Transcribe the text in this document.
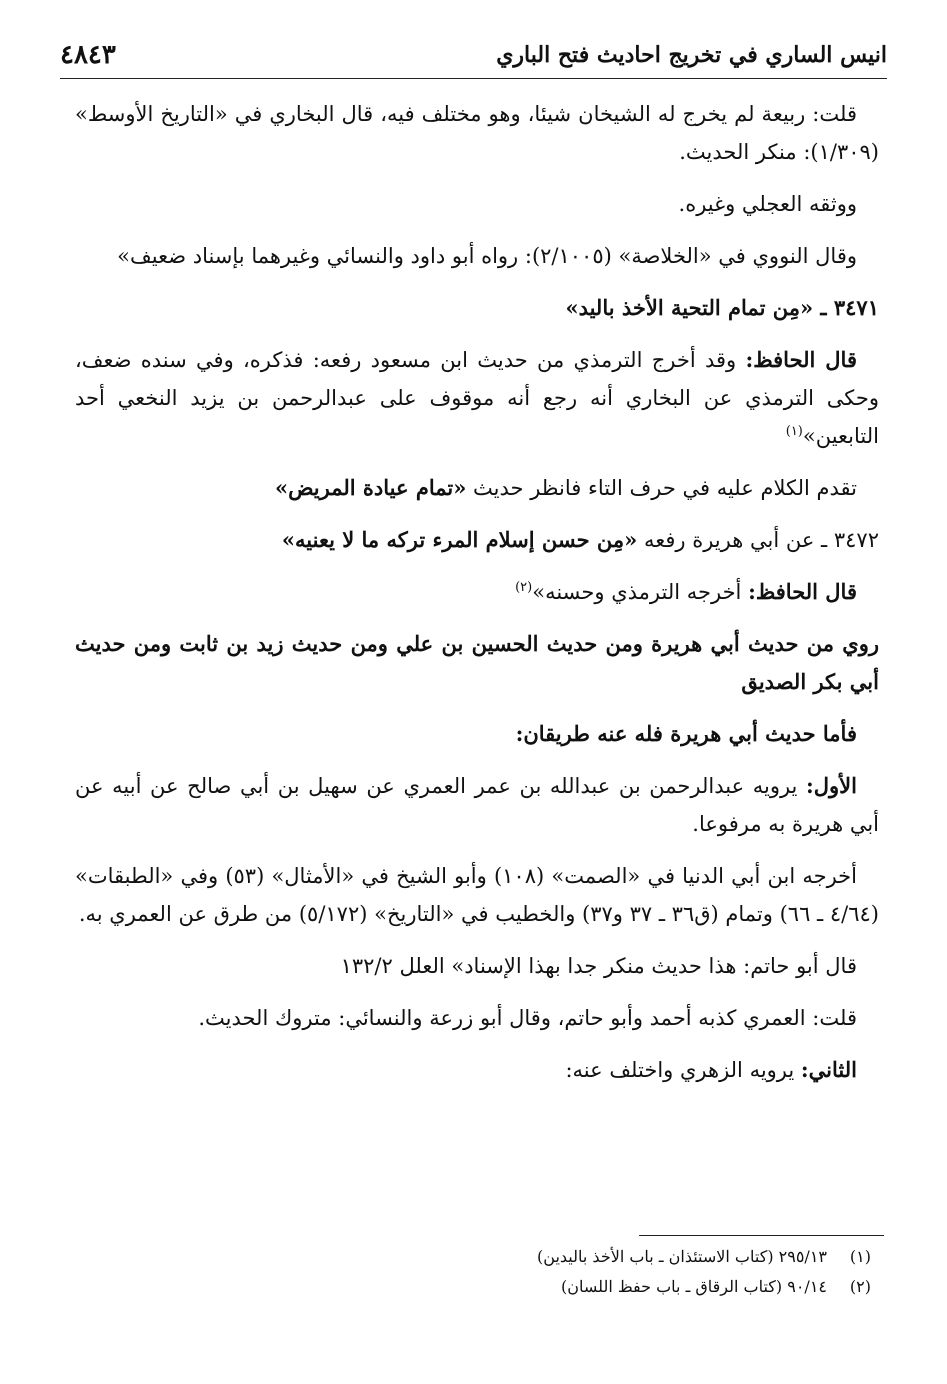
انيس الساري في تخريج احاديث فتح الباري
٤٨٤٣

قلت: ربيعة لم يخرج له الشيخان شيئا، وهو مختلف فيه، قال البخاري في «التاريخ الأوسط» (١/٣٠٩): منكر الحديث.

ووثقه العجلي وغيره.

وقال النووي في «الخلاصة» (٢/١٠٠٥): رواه أبو داود والنسائي وغيرهما بإسناد ضعيف»

٣٤٧١ ـ «مِن تمام التحية الأخذ باليد»

قال الحافظ: وقد أخرج الترمذي من حديث ابن مسعود رفعه: فذكره، وفي سنده ضعف، وحكى الترمذي عن البخاري أنه رجع أنه موقوف على عبدالرحمن بن يزيد النخعي أحد التابعين»$^{(١)}$

تقدم الكلام عليه في حرف التاء فانظر حديث «تمام عيادة المريض»

٣٤٧٢ ـ عن أبي هريرة رفعه «مِن حسن إسلام المرء تركه ما لا يعنيه»

قال الحافظ: أخرجه الترمذي وحسنه»$^{(٢)}$

روي من حديث أبي هريرة ومن حديث الحسين بن علي ومن حديث زيد بن ثابت ومن حديث أبي بكر الصديق

فأما حديث أبي هريرة فله عنه طريقان:

الأول: يرويه عبدالرحمن بن عبدالله بن عمر العمري عن سهيل بن أبي صالح عن أبيه عن أبي هريرة به مرفوعا.

أخرجه ابن أبي الدنيا في «الصمت» (١٠٨) وأبو الشيخ في «الأمثال» (٥٣) وفي «الطبقات» (٤/٦٤ ـ ٦٦) وتمام (ق٣٦ ـ ٣٧ و٣٧) والخطيب في «التاريخ» (٥/١٧٢) من طرق عن العمري به.

قال أبو حاتم: هذا حديث منكر جدا بهذا الإسناد» العلل ١٣٢/٢

قلت: العمري كذبه أحمد وأبو حاتم، وقال أبو زرعة والنسائي: متروك الحديث.

الثاني: يرويه الزهري واختلف عنه:

(١)
٢٩٥/١٣ (كتاب الاستئذان ـ باب الأخذ باليدين)
(٢)
٩٠/١٤ (كتاب الرقاق ـ باب حفظ اللسان)
